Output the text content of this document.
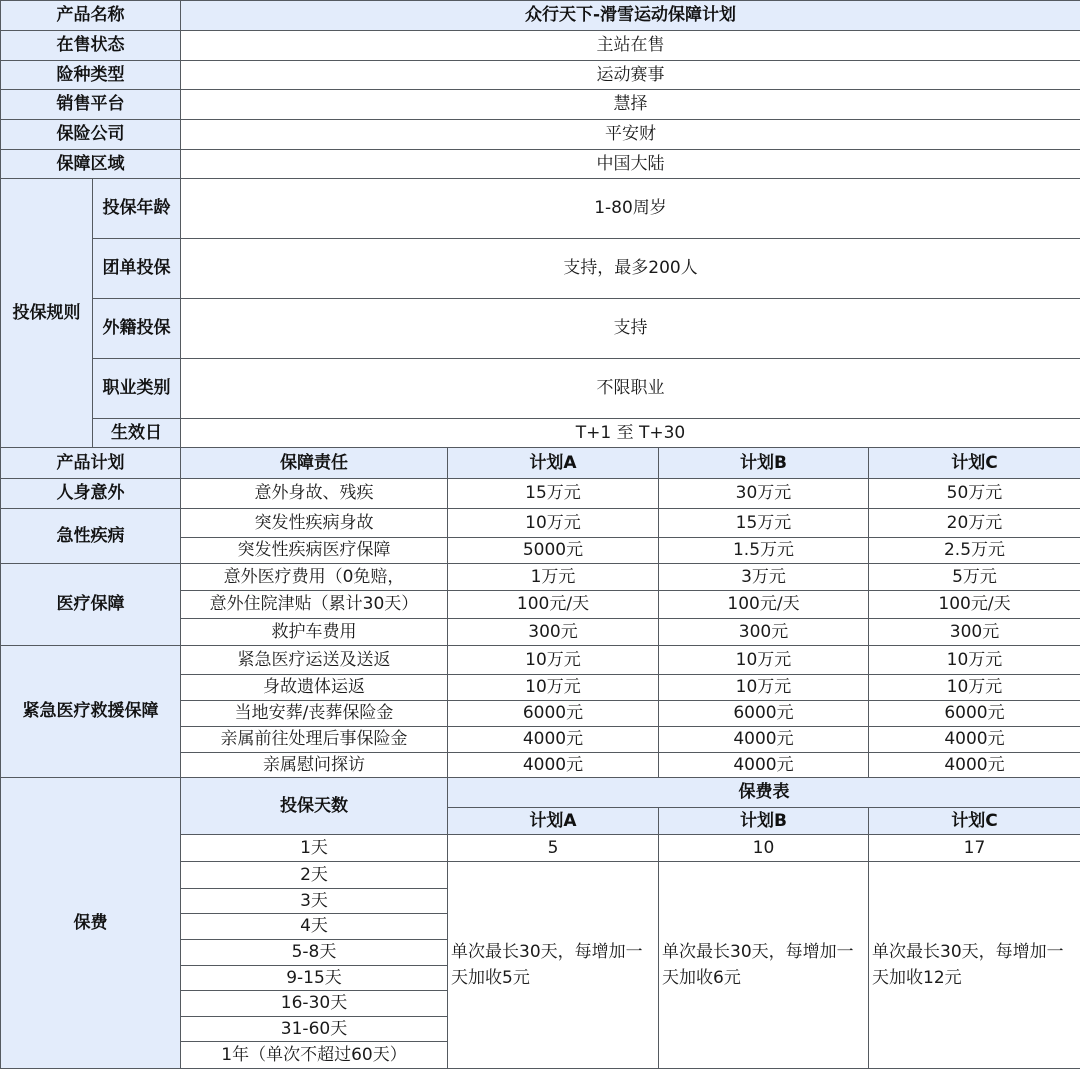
产品名称		众行天下-滑雪运动保障计划			
在售状态		主站在售			
险种类型		运动赛事			
销售平台		慧择			
保险公司		平安财			
保障区域		中国大陆			
投保规则	投保年龄	1-80周岁			
	团单投保	支持，最多200人			
	外籍投保	支持			
	职业类别	不限职业			
	生效日	T+1 至 T+30			
产品计划		保障责任	计划A	计划B	计划C
人身意外		意外身故、残疾	15万元	30万元	50万元
急性疾病		突发性疾病身故	10万元	15万元	20万元
		突发性疾病医疗保障	5000元	1.5万元	2.5万元
医疗保障		意外医疗费用（0免赔，	1万元	3万元	5万元
		意外住院津贴（累计30天）	100元/天	100元/天	100元/天
		救护车费用	300元	300元	300元
紧急医疗救援保障		紧急医疗运送及送返	10万元	10万元	10万元
		身故遗体运返	10万元	10万元	10万元
		当地安葬/丧葬保险金	6000元	6000元	6000元
		亲属前往处理后事保险金	4000元	4000元	4000元
		亲属慰问探访	4000元	4000元	4000元
保费		投保天数	保费表		
			计划A	计划B	计划C
		1天	5	10	17
		2天	单次最长30天，每增加一天加收5元	单次最长30天，每增加一天加收6元	单次最长30天，每增加一天加收12元
		3天			
		4天			
		5-8天			
		9-15天			
		16-30天			
		31-60天			
		1年（单次不超过60天）			
